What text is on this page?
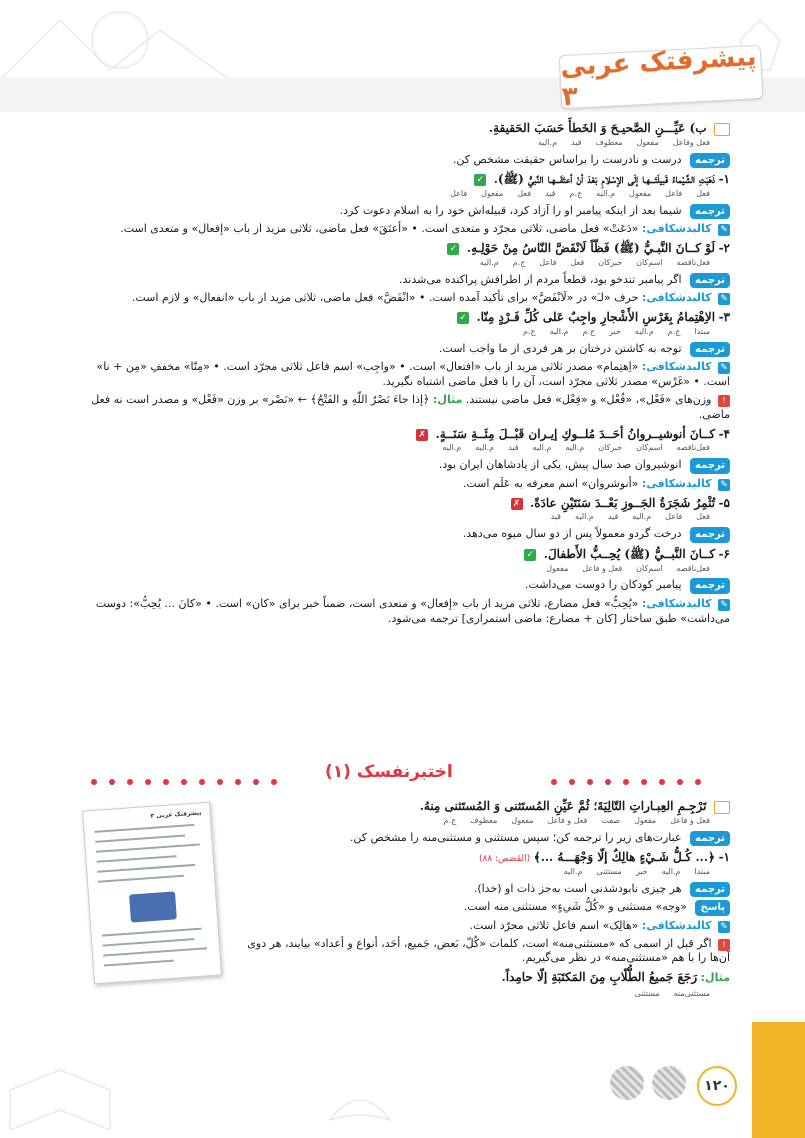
پیشرفتک عربی ۳
ب) عَيِّـــنِ الصَّحيـحَ وَ الخَطأَ حَسَبَ الحَقيقةِ.
فعل وفاعل
مفعول
معطوف
قيد
م.اليه
ترجمه درست و نادرست را براساس حقیقت مشخص کن.
۱- ذَهَبَتِ الشَّيْماءُ قَبيلَتَـــهـا إلَى الإسْلامِ بَعْدَ أنْ أعتَقَـــهـا النَّبيُّ (ﷺ). ✓
فعل
فاعل
مفعول
م.اليه
ج.م
قيد
فعل
مفعول
فاعل
ترجمه شیما بعد از اینکه پیامبر او را آزاد کرد، قبیله‌اش خود را به اسلام دعوت کرد.
✎ کالبدشکافی: «دَعَتْ» فعل ماضی، ثلاثی مجرّد و متعدی است. • «أعتَقَ» فعل ماضی، ثلاثی مزید از باب «إفعال» و متعدی است.
۲- لَوْ كــانَ النَّبـيُّ (ﷺ) فَظّاً لَانْفَضَّ النّاسُ مِنْ حَوْلِـهِ. ✓
فعل‌ناقصه
اسم‌کان
خبرکان
فعل
فاعل
ج.م
م.اليه
ترجمه اگر پیامبر تندخو بود، قطعاً مردم از اطرافش پراکنده می‌شدند.
✎ کالبدشکافی: حرف «لـَ» در «لَانْفَضَّ» برای تأکید آمده است. • «انْفَضَّ» فعل ماضی، ثلاثی مزید از باب «انفعال» و لازم است.
۳- الاِهْتِمامُ بِغَرْسِ الأَشْجارِ واجِبٌ عَلى كُلِّ فَـرْدٍ مِنّا. ✓
مبتدا
ج.م
م.اليه
خبر
ج.م
م.اليه
ج.م
ترجمه توجه به کاشتن درختان بر هر فردی از ما واجب است.
✎ کالبدشکافی: «اِهتِمام» مصدر ثلاثی مزید از باب «افتعال» است. • «واجِب» اسم فاعل ثلاثی مجرّد است. • «مِنّا» مخففِ «مِن + نا» است. • «غَرْس» مصدر ثلاثی مجرّد است، آن را با فعل ماضی اشتباه نگیرید.
! وزن‌های «فَعْل»، «فُعْل» و «فِعْل» فعل ماضی نیستند. مثال: ﴿إذا جاءَ نَصْرُ اللّهِ و الفَتْحُ﴾ ← «نَصْر» بر وزن «فَعْل» و مصدر است نه فعل ماضی.
۴- كــانَ أنوشيــروانُ أحَــدَ مُلــوكِ إيـران قَبْــلَ مِئَــةِ سَنَــةٍ. ✗
فعل‌ناقصه
اسم‌کان
خبرکان
م.اليه
م.اليه
قيد
م.اليه
م.اليه
ترجمه انوشیروان صد سال پیش، یکی از پادشاهان ایران بود.
✎ کالبدشکافی: «أنوشروان» اسم معرفه به عَلَم است.
۵- تُثْمِرُ شَجَرَةُ الجَــوزِ بَعْــدَ سَنَتَيْنِ عادَةً. ✗
فعل
فاعل
م.اليه
قيد
م.اليه
قيد
ترجمه درخت گردو معمولاً پس از دو سال میوه می‌دهد.
۶- كــانَ النَّبــيُّ (ﷺ) يُحِــبُّ الأَطفالَ. ✓
فعل‌ناقصه
اسم‌کان
فعل و فاعل
مفعول
ترجمه پیامبر کودکان را دوست می‌داشت.
✎ کالبدشکافی: «يُحِبُّ» فعل مضارع، ثلاثی مزید از باب «إفعال» و متعدی است، ضمناً خبر برای «کان» است. • «کانَ ... يُحِبُّ»: دوست می‌داشت» طبق ساختار [کان + مضارع: ماضی استمراری] ترجمه می‌شود.
اختبرنفسک (۱)
تَرْجِـمِ العِبـاراتِ التّالِيَةَ؛ ثُمَّ عَيِّنِ المُستَثنى وَ المُستَثنى مِنهُ.
فعل و فاعل
مفعول
صفت
فعل و فاعل
مفعول
معطوف
ج.م
ترجمه عبارت‌های زیر را ترجمه کن؛ سپس مستثنی و مستثنی‌منه را مشخص کن.
۱- ﴿... كُـلُّ شَـيْءٍ هالِكٌ إلّا وَجْهَـــهُ ...﴾ (القَصَص: ۸۸)
مبتدا
م.اليه
خبر
مستثنی
م.اليه
ترجمه هر چیزی نابودشدنی است به‌جز ذات او (خدا).
پاسخ «وجه» مستثنی و «کُلُّ شَيءٍ» مستثنی منه است.
✎ کالبدشکافی: «هالِک» اسم فاعل ثلاثی مجرّد است.
! اگر قبل از اسمی که «مستثنی‌منه» است، کلمات «کُلّ، بَعض، جَميع، أحَد، أنواع و أعداد» بیایند، هر دوی آن‌ها را با هم «مستثنی‌منه» در نظر می‌گیریم.
مثال: رَجَعَ جَميعُ الطُّلّابِ مِنَ المَكتَبَةِ إلّا حامِداً.
مستثنی‌منه
مستثنی
پیشرفتک عربی ۳
۱۲۰
